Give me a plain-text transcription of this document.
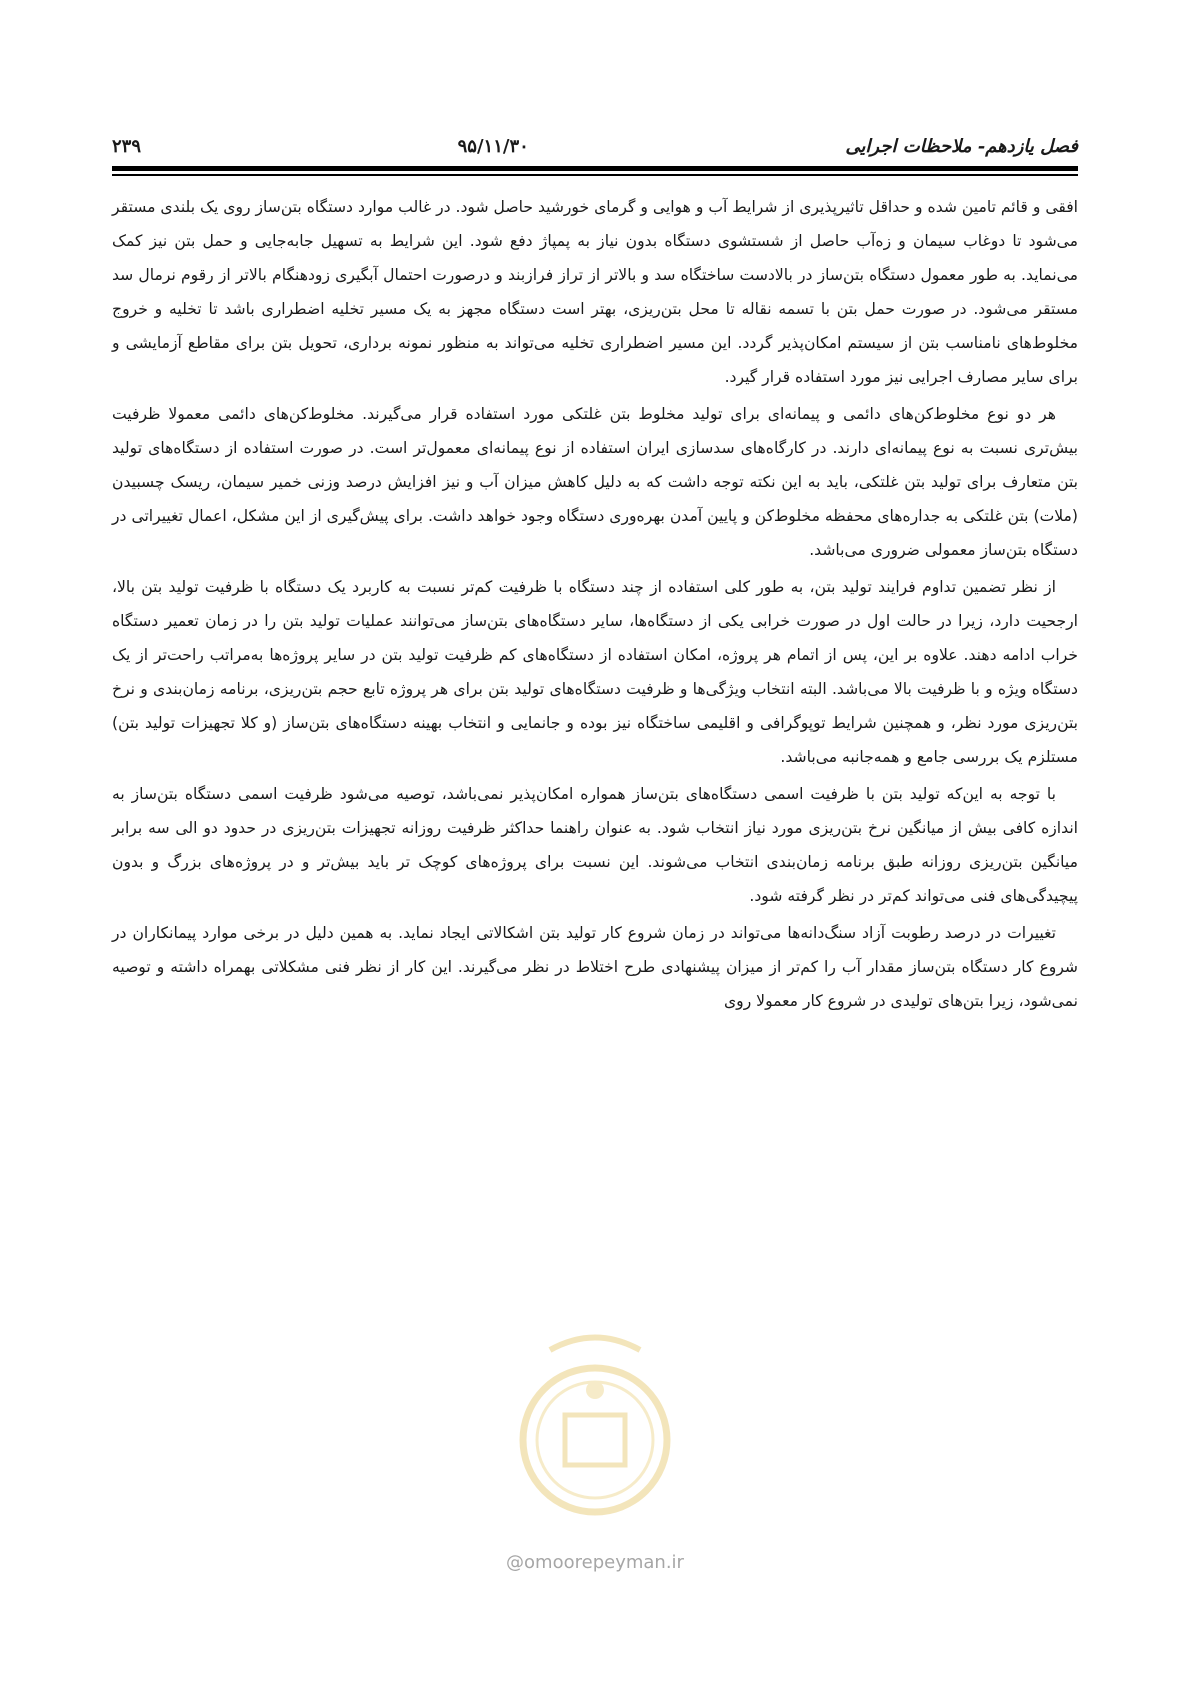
فصل یازدهم- ملاحظات اجرایی
۹۵/۱۱/۳۰
۲۳۹

افقی و قائم تامین شده و حداقل تاثیرپذیری از شرایط آب و هوایی و گرمای خورشید حاصل شود. در غالب موارد دستگاه بتن‌ساز روی یک بلندی مستقر می‌شود تا دوغاب سیمان و زه‌آب حاصل از شستشوی دستگاه بدون نیاز به پمپاژ دفع شود. این شرایط به تسهیل جابه‌جایی و حمل بتن نیز کمک می‌نماید. به طور معمول دستگاه بتن‌ساز در بالادست ساختگاه سد و بالاتر از تراز فرازبند و درصورت احتمال آبگیری زودهنگام بالاتر از رقوم نرمال سد مستقر می‌شود. در صورت حمل بتن با تسمه نقاله تا محل بتن‌ریزی، بهتر است دستگاه مجهز به یک مسیر تخلیه اضطراری باشد تا تخلیه و خروج مخلوط‌های نامناسب بتن از سیستم امکان‌پذیر گردد. این مسیر اضطراری تخلیه می‌تواند به منظور نمونه برداری، تحویل بتن برای مقاطع آزمایشی و برای سایر مصارف اجرایی نیز مورد استفاده قرار گیرد.

هر دو نوع مخلوط‌کن‌های دائمی و پیمانه‌ای برای تولید مخلوط بتن غلتکی مورد استفاده قرار می‌گیرند. مخلوط‌کن‌های دائمی معمولا ظرفیت بیش‌تری نسبت به نوع پیمانه‌ای دارند. در کارگاه‌های سدسازی ایران استفاده از نوع پیمانه‌ای معمول‌تر است. در صورت استفاده از دستگاه‌های تولید بتن متعارف برای تولید بتن غلتکی، باید به این نکته توجه داشت که به دلیل کاهش میزان آب و نیز افزایش درصد وزنی خمیر سیمان، ریسک چسبیدن (ملات) بتن غلتکی به جداره‌های محفظه مخلوط‌کن و پایین آمدن بهره‌وری دستگاه وجود خواهد داشت. برای پیش‌گیری از این مشکل، اعمال تغییراتی در دستگاه بتن‌ساز معمولی ضروری می‌باشد.

از نظر تضمین تداوم فرایند تولید بتن، به طور کلی استفاده از چند دستگاه با ظرفیت کم‌تر نسبت به کاربرد یک دستگاه با ظرفیت تولید بتن بالا، ارجحیت دارد، زیرا در حالت اول در صورت خرابی یکی از دستگاه‌ها، سایر دستگاه‌های بتن‌ساز می‌توانند عملیات تولید بتن را در زمان تعمیر دستگاه خراب ادامه دهند. علاوه بر این، پس از اتمام هر پروژه، امکان استفاده از دستگاه‌های کم ظرفیت تولید بتن در سایر پروژه‌ها به‌مراتب راحت‌تر از یک دستگاه ویژه و با ظرفیت بالا می‌باشد. البته انتخاب ویژگی‌ها و ظرفیت دستگاه‌های تولید بتن برای هر پروژه تابع حجم بتن‌ریزی، برنامه زمان‌بندی و نرخ بتن‌ریزی مورد نظر، و همچنین شرایط توپوگرافی و اقلیمی ساختگاه نیز بوده و جانمایی و انتخاب بهینه دستگاه‌های بتن‌ساز (و کلا تجهیزات تولید بتن) مستلزم یک بررسی جامع و همه‌جانبه می‌باشد.

با توجه به این‌که تولید بتن با ظرفیت اسمی دستگاه‌های بتن‌ساز همواره امکان‌پذیر نمی‌باشد، توصیه می‌شود ظرفیت اسمی دستگاه بتن‌ساز به اندازه کافی بیش از میانگین نرخ بتن‌ریزی مورد نیاز انتخاب شود. به عنوان راهنما حداکثر ظرفیت روزانه تجهیزات بتن‌ریزی در حدود دو الی سه برابر میانگین بتن‌ریزی روزانه طبق برنامه زمان‌بندی انتخاب می‌شوند. این نسبت برای پروژه‌های کوچک تر باید بیش‌تر و در پروژه‌های بزرگ و بدون پیچیدگی‌های فنی می‌تواند کم‌تر در نظر گرفته شود.

تغییرات در درصد رطوبت آزاد سنگ‌دانه‌ها می‌تواند در زمان شروع کار تولید بتن اشکالاتی ایجاد نماید. به همین دلیل در برخی موارد پیمانکاران در شروع کار دستگاه بتن‌ساز مقدار آب را کم‌تر از میزان پیشنهادی طرح اختلاط در نظر می‌گیرند. این کار از نظر فنی مشکلاتی بهمراه داشته و توصیه نمی‌شود، زیرا بتن‌های تولیدی در شروع کار معمولا روی

@omoorepeyman.ir
